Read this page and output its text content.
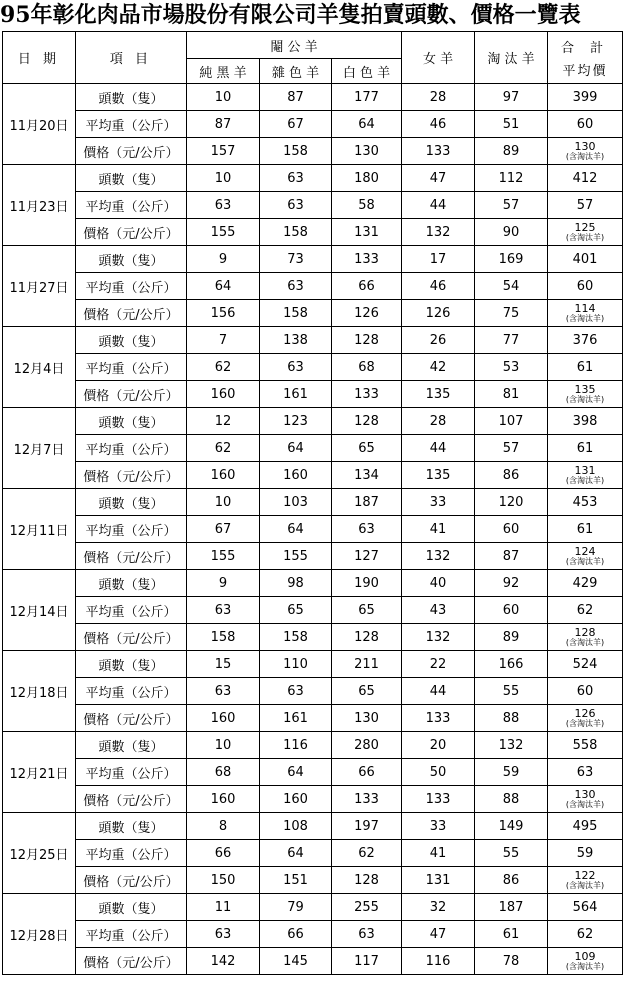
95年彰化肉品市場股份有限公司羊隻拍賣頭數、價格一覽表
日 期	項 目	閹 公 羊			女 羊	淘 汰 羊	合 計
平均價

		純 黑 羊	雜 色 羊	白 色 羊			
11月20日	頭數（隻）	10	87	177	28	97	399
	平均重（公斤）	87	67	64	46	51	60
	價格（元/公斤）	157	158	130	133	89	130
(含淘汰羊)

11月23日	頭數（隻）	10	63	180	47	112	412
	平均重（公斤）	63	63	58	44	57	57
	價格（元/公斤）	155	158	131	132	90	125
(含淘汰羊)

11月27日	頭數（隻）	9	73	133	17	169	401
	平均重（公斤）	64	63	66	46	54	60
	價格（元/公斤）	156	158	126	126	75	114
(含淘汰羊)

12月4日	頭數（隻）	7	138	128	26	77	376
	平均重（公斤）	62	63	68	42	53	61
	價格（元/公斤）	160	161	133	135	81	135
(含淘汰羊)

12月7日	頭數（隻）	12	123	128	28	107	398
	平均重（公斤）	62	64	65	44	57	61
	價格（元/公斤）	160	160	134	135	86	131
(含淘汰羊)

12月11日	頭數（隻）	10	103	187	33	120	453
	平均重（公斤）	67	64	63	41	60	61
	價格（元/公斤）	155	155	127	132	87	124
(含淘汰羊)

12月14日	頭數（隻）	9	98	190	40	92	429
	平均重（公斤）	63	65	65	43	60	62
	價格（元/公斤）	158	158	128	132	89	128
(含淘汰羊)

12月18日	頭數（隻）	15	110	211	22	166	524
	平均重（公斤）	63	63	65	44	55	60
	價格（元/公斤）	160	161	130	133	88	126
(含淘汰羊)

12月21日	頭數（隻）	10	116	280	20	132	558
	平均重（公斤）	68	64	66	50	59	63
	價格（元/公斤）	160	160	133	133	88	130
(含淘汰羊)

12月25日	頭數（隻）	8	108	197	33	149	495
	平均重（公斤）	66	64	62	41	55	59
	價格（元/公斤）	150	151	128	131	86	122
(含淘汰羊)

12月28日	頭數（隻）	11	79	255	32	187	564
	平均重（公斤）	63	66	63	47	61	62
	價格（元/公斤）	142	145	117	116	78	109
(含淘汰羊)
